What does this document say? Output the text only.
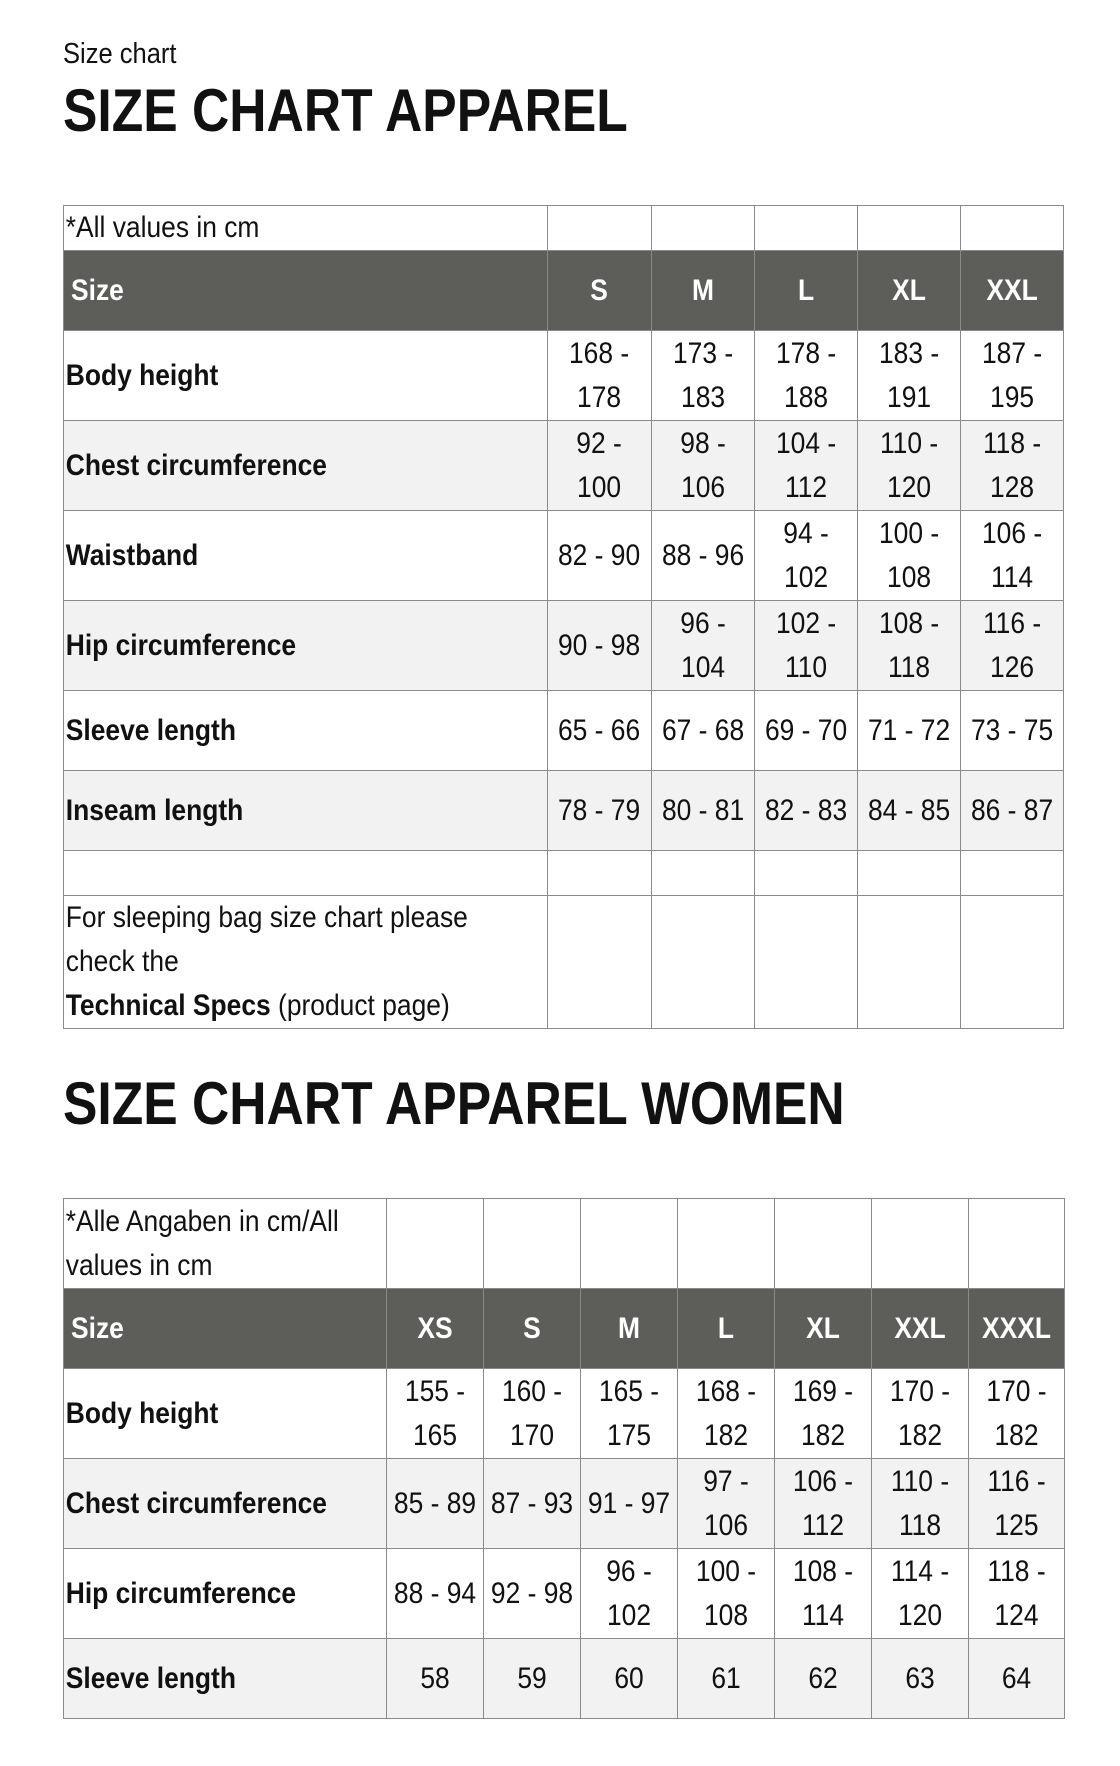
Size chart
SIZE CHART APPAREL
*All values in cm					

Size	S	M	L	XL	XXL

Body height	168 - 178	173 - 183	178 - 188	183 - 191	187 - 195

Chest circumference	92 - 100	98 - 106	104 - 112	110 - 120	118 - 128

Waistband	82 - 90	88 - 96	94 - 102	100 - 108	106 - 114

Hip circumference	90 - 98	96 - 104	102 - 110	108 - 118	116 - 126

Sleeve length	65 - 66	67 - 68	69 - 70	71 - 72	73 - 75

Inseam length	78 - 79	80 - 81	82 - 83	84 - 85	86 - 87

For sleeping bag size chart please
check the
Technical Specs (product page)					

SIZE CHART APPAREL WOMEN
*Alle Angaben in cm/All
values in cm							

Size	XS	S	M	L	XL	XXL	XXXL

Body height	155 - 165	160 - 170	165 - 175	168 - 182	169 - 182	170 - 182	170 - 182

Chest circumference	85 - 89	87 - 93	91 - 97	97 - 106	106 - 112	110 - 118	116 - 125

Hip circumference	88 - 94	92 - 98	96 - 102	100 - 108	108 - 114	114 - 120	118 - 124

Sleeve length	58	59	60	61	62	63	64
